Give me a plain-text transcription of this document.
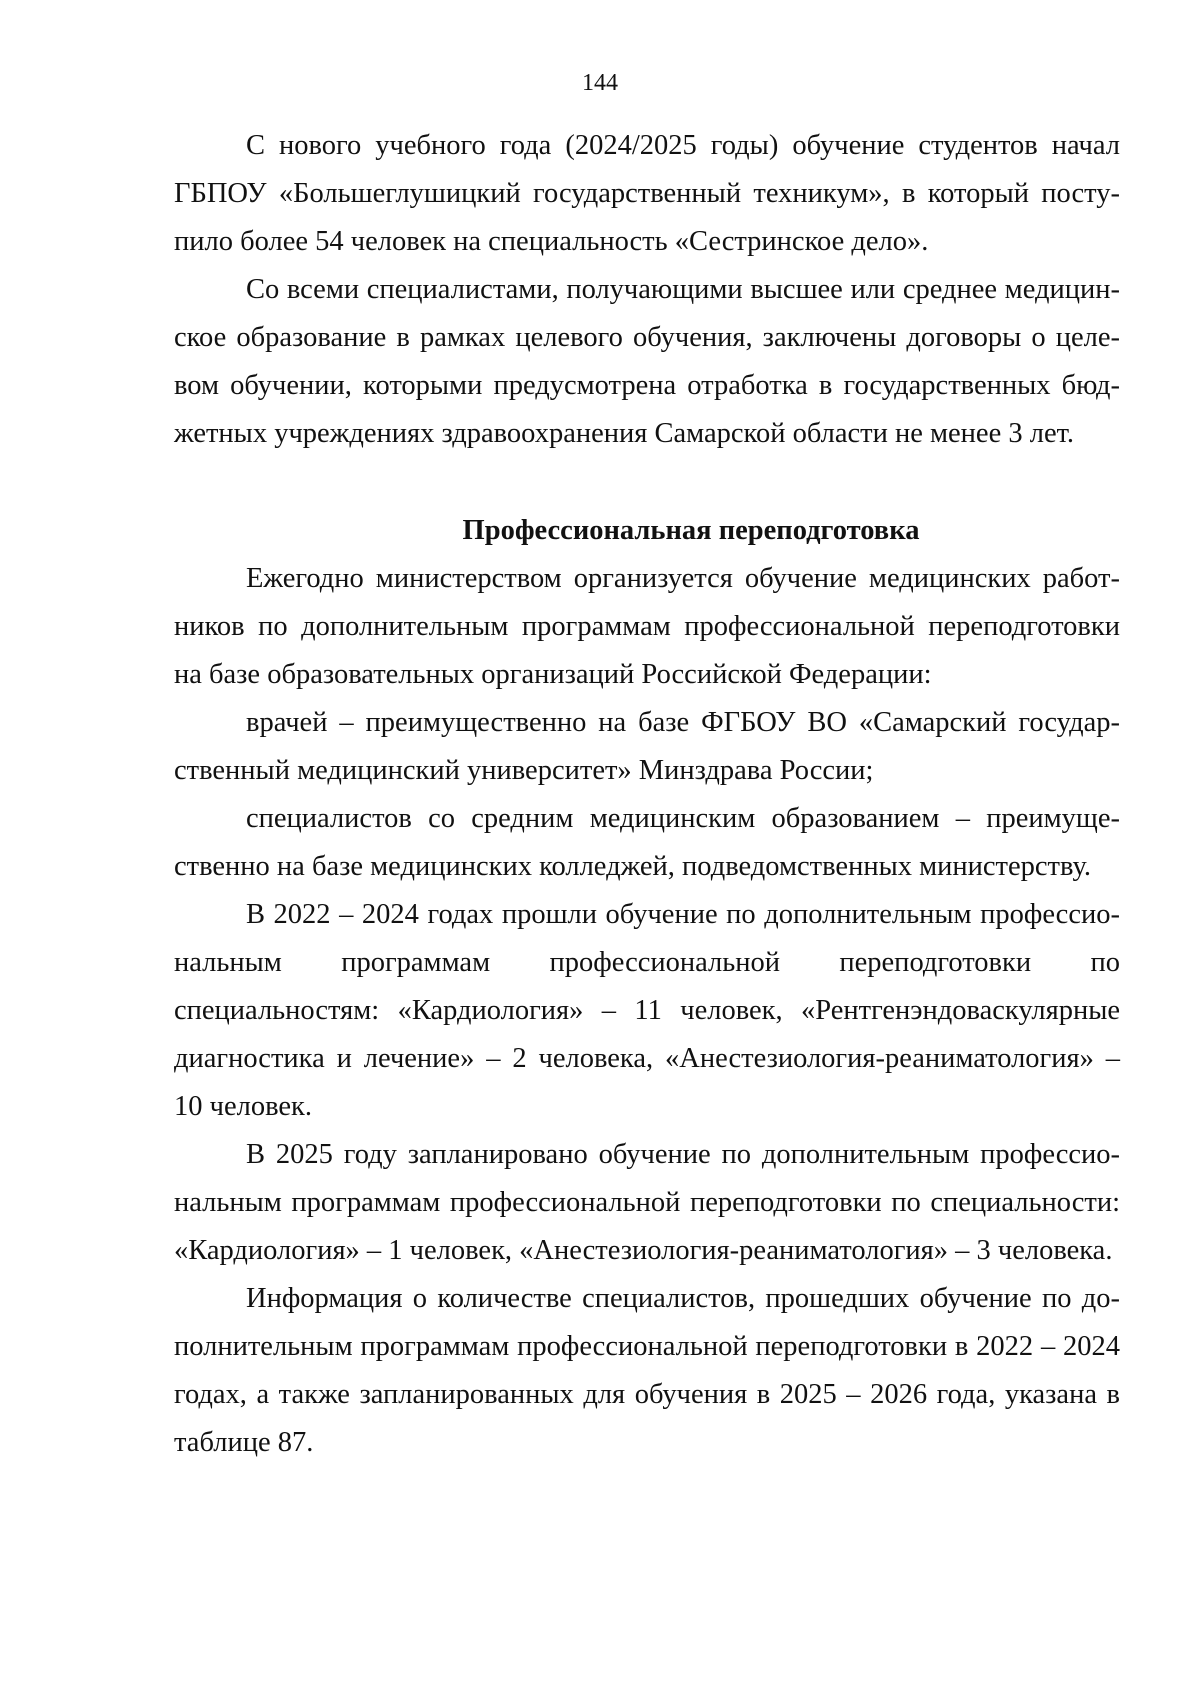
144

С нового учебного года (2024/2025 годы) обучение студентов начал ГБПОУ «Большеглушицкий государственный техникум», в который поступило более 54 человек на специальность «Сестринское дело».

Со всеми специалистами, получающими высшее или среднее медицинское образование в рамках целевого обучения, заключены договоры о целевом обучении, которыми предусмотрена отработка в государственных бюджетных учреждениях здравоохранения Самарской области не менее 3 лет.

Профессиональная переподготовка

Ежегодно министерством организуется обучение медицинских работников по дополнительным программам профессиональной переподготовки на базе образовательных организаций Российской Федерации:

врачей – преимущественно на базе ФГБОУ ВО «Самарский государственный медицинский университет» Минздрава России;

специалистов со средним медицинским образованием – преимущественно на базе медицинских колледжей, подведомственных министерству.

В 2022 – 2024 годах прошли обучение по дополнительным профессиональным программам профессиональной переподготовки по специальностям: «Кардиология» – 11 человек, «Рентгенэндоваскулярные диагностика и лечение» – 2 человека, «Анестезиология-реаниматология» – 10 человек.

В 2025 году запланировано обучение по дополнительным профессиональным программам профессиональной переподготовки по специальности: «Кардиология» – 1 человек, «Анестезиология-реаниматология» – 3 человека.

Информация о количестве специалистов, прошедших обучение по дополнительным программам профессиональной переподготовки в 2022 – 2024 годах, а также запланированных для обучения в 2025 – 2026 года, указана в таблице 87.
